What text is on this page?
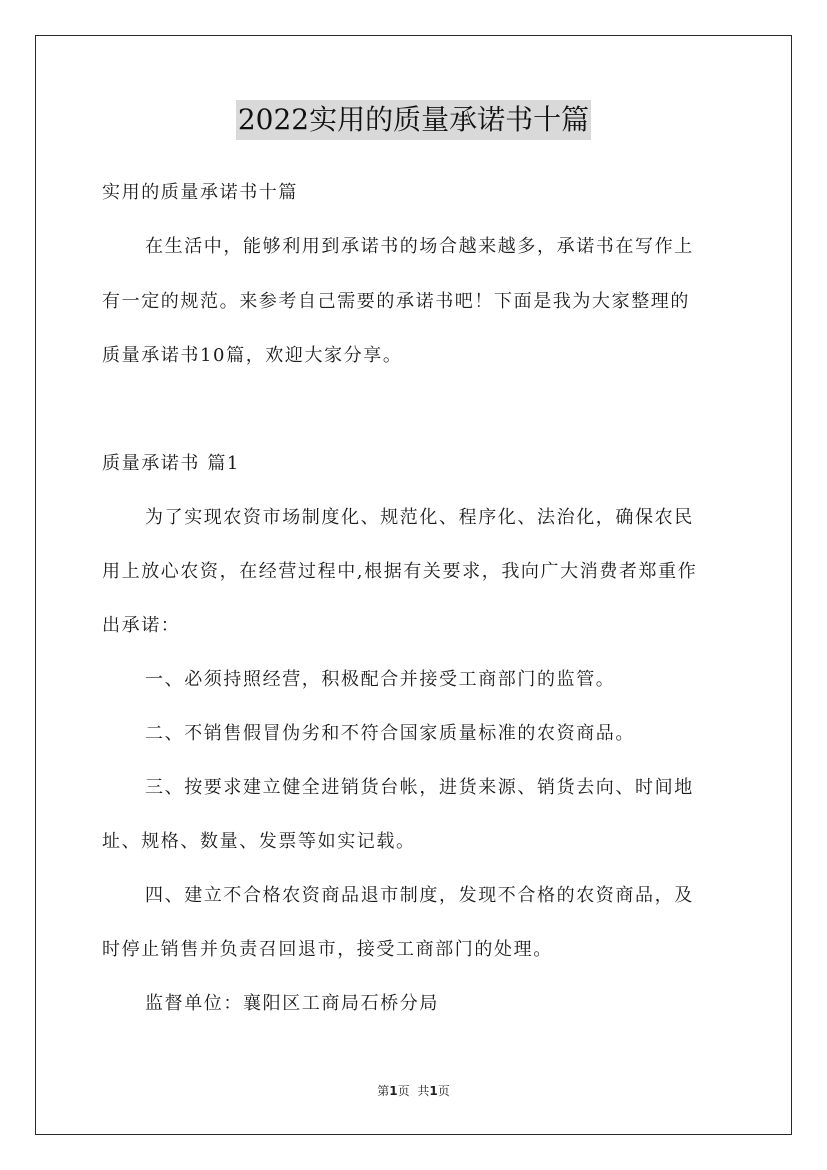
2022实用的质量承诺书十篇
实用的质量承诺书十篇
在生活中，能够利用到承诺书的场合越来越多，承诺书在写作上
有一定的规范。来参考自己需要的承诺书吧！下面是我为大家整理的
质量承诺书10篇，欢迎大家分享。
质量承诺书 篇1
为了实现农资市场制度化、规范化、程序化、法治化，确保农民
用上放心农资，在经营过程中,根据有关要求，我向广大消费者郑重作
出承诺：
一、必须持照经营，积极配合并接受工商部门的监管。
二、不销售假冒伪劣和不符合国家质量标准的农资商品。
三、按要求建立健全进销货台帐，进货来源、销货去向、时间地
址、规格、数量、发票等如实记载。
四、建立不合格农资商品退市制度，发现不合格的农资商品，及
时停止销售并负责召回退市，接受工商部门的处理。
监督单位：襄阳区工商局石桥分局
第1页 共1页
